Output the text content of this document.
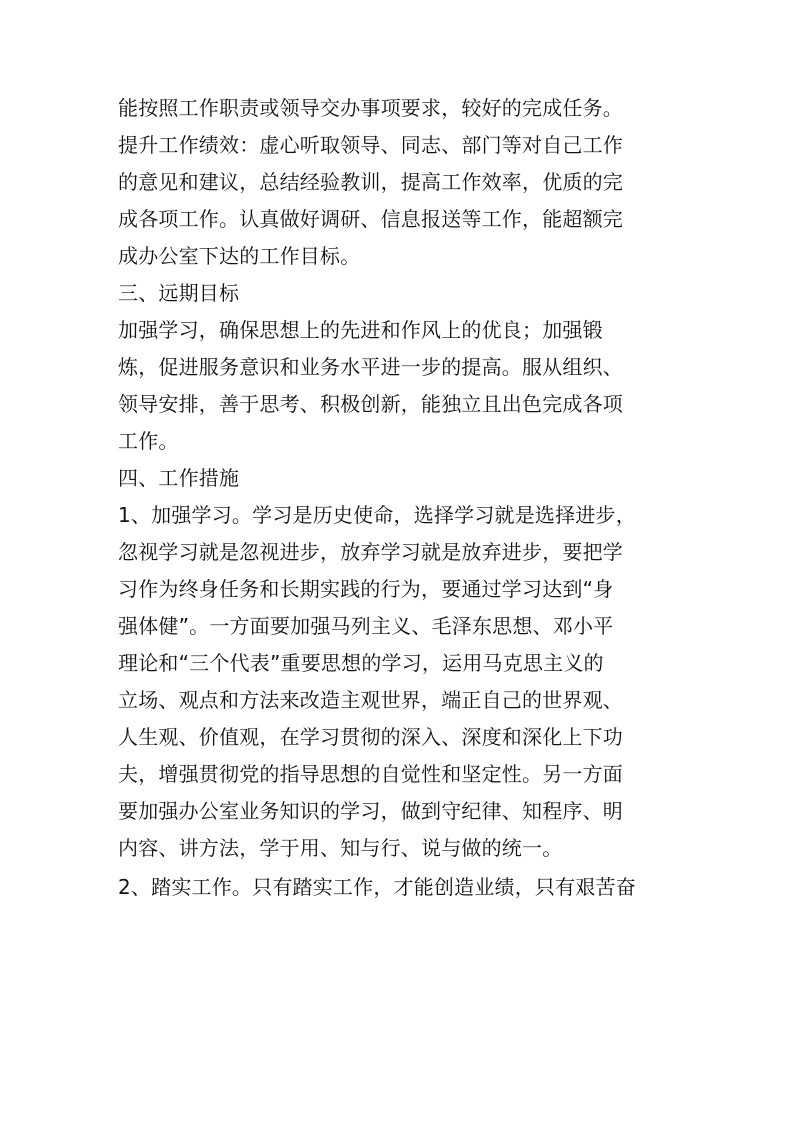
能按照工作职责或领导交办事项要求，较好的完成任务。
提升工作绩效：虚心听取领导、同志、部门等对自己工作
的意见和建议，总结经验教训，提高工作效率，优质的完
成各项工作。认真做好调研、信息报送等工作，能超额完
成办公室下达的工作目标。
三、远期目标
加强学习，确保思想上的先进和作风上的优良；加强锻
炼，促进服务意识和业务水平进一步的提高。服从组织、
领导安排，善于思考、积极创新，能独立且出色完成各项
工作。
四、工作措施
1、加强学习。学习是历史使命，选择学习就是选择进步，
忽视学习就是忽视进步，放弃学习就是放弃进步，要把学
习作为终身任务和长期实践的行为，要通过学习达到“身
强体健”。一方面要加强马列主义、毛泽东思想、邓小平
理论和“三个代表”重要思想的学习，运用马克思主义的
立场、观点和方法来改造主观世界，端正自己的世界观、
人生观、价值观，在学习贯彻的深入、深度和深化上下功
夫，增强贯彻党的指导思想的自觉性和坚定性。另一方面
要加强办公室业务知识的学习，做到守纪律、知程序、明
内容、讲方法，学于用、知与行、说与做的统一。
2、踏实工作。只有踏实工作，才能创造业绩，只有艰苦奋
